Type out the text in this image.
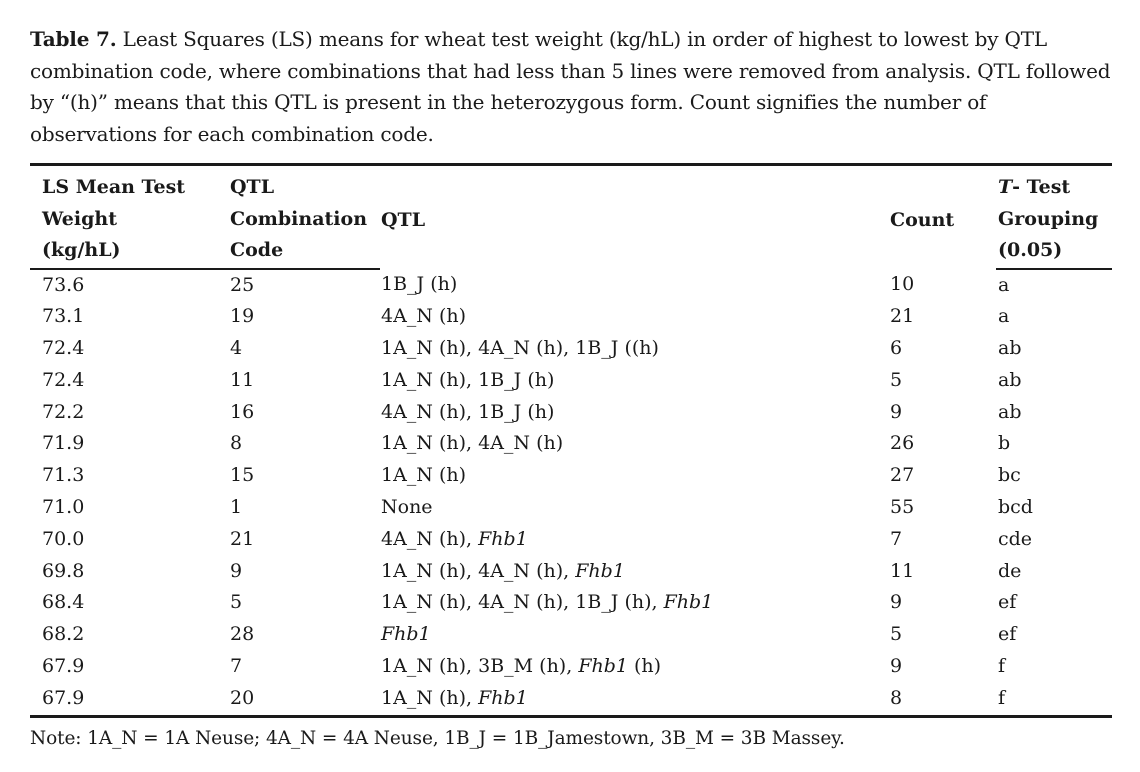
Table 7. Least Squares (LS) means for wheat test weight (kg/hL) in order of highest to lowest by QTL combination code, where combinations that had less than 5 lines were removed from analysis. QTL followed by “(h)” means that this QTL is present in the heterozygous form. Count signifies the number of observations for each combination code.

LS Mean Test	QTL	QTL	Count	T- Test
Weight	Combination			Grouping
(kg/hL)	Code			(0.05)
73.6	25	1B_J (h)	10	a
73.1	19	4A_N (h)	21	a
72.4	4	1A_N (h), 4A_N (h), 1B_J ((h)	6	ab
72.4	11	1A_N (h), 1B_J (h)	5	ab
72.2	16	4A_N (h), 1B_J (h)	9	ab
71.9	8	1A_N (h), 4A_N (h)	26	b
71.3	15	1A_N (h)	27	bc
71.0	1	None	55	bcd
70.0	21	4A_N (h), Fhb1	7	cde
69.8	9	1A_N (h), 4A_N (h), Fhb1	11	de
68.4	5	1A_N (h), 4A_N (h), 1B_J (h), Fhb1	9	ef
68.2	28	Fhb1	5	ef
67.9	7	1A_N (h), 3B_M (h), Fhb1 (h)	9	f
67.9	20	1A_N (h), Fhb1	8	f
Note: 1A_N = 1A Neuse; 4A_N = 4A Neuse, 1B_J = 1B_Jamestown, 3B_M = 3B Massey.
